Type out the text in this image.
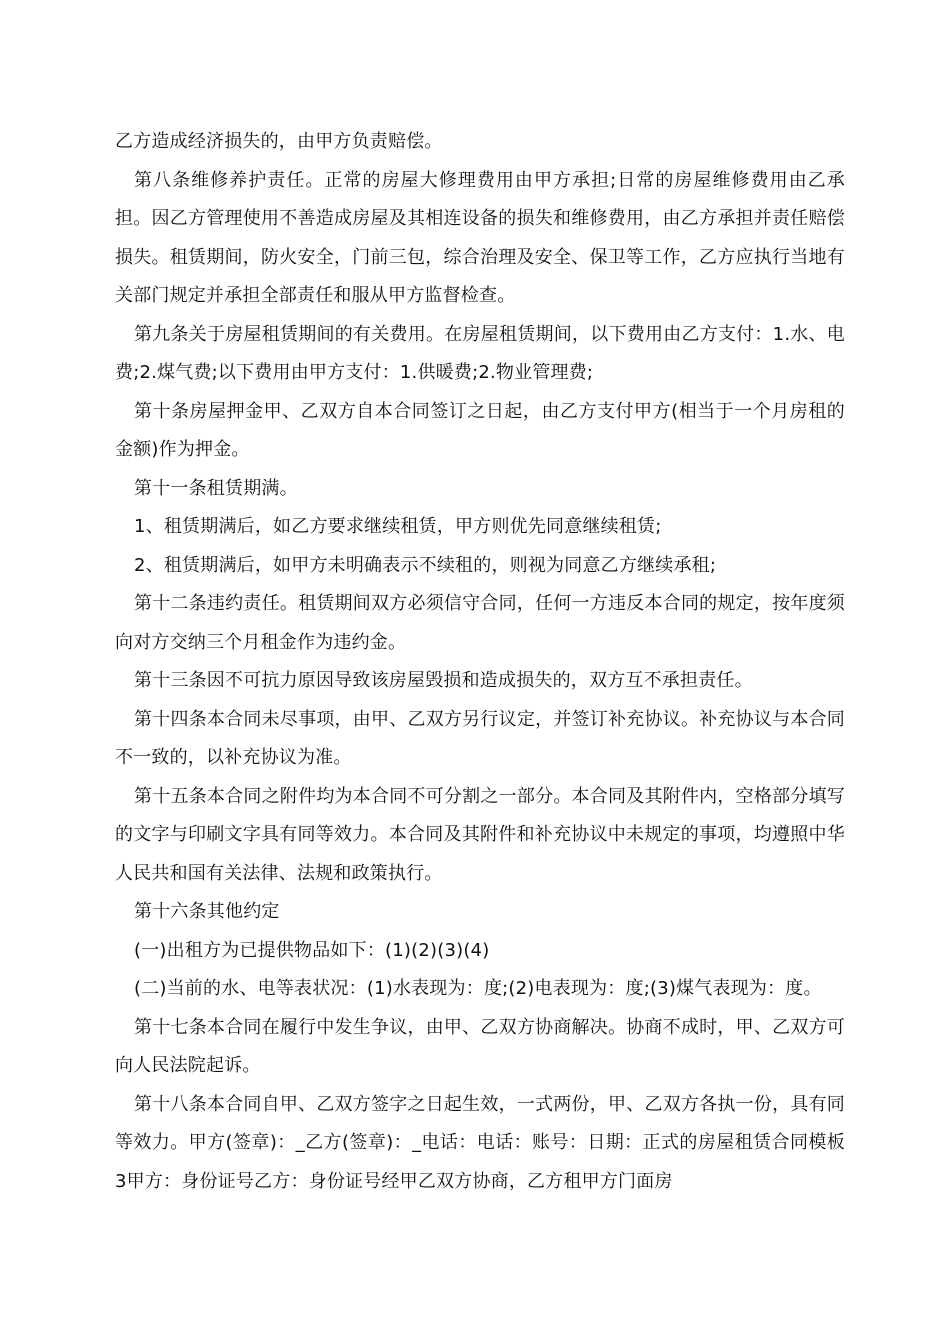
乙方造成经济损失的，由甲方负责赔偿。

第八条维修养护责任。正常的房屋大修理费用由甲方承担;日常的房屋维修费用由乙承担。因乙方管理使用不善造成房屋及其相连设备的损失和维修费用，由乙方承担并责任赔偿损失。租赁期间，防火安全，门前三包，综合治理及安全、保卫等工作，乙方应执行当地有关部门规定并承担全部责任和服从甲方监督检查。

第九条关于房屋租赁期间的有关费用。在房屋租赁期间，以下费用由乙方支付：1.水、电费;2.煤气费;以下费用由甲方支付：1.供暖费;2.物业管理费;

第十条房屋押金甲、乙双方自本合同签订之日起，由乙方支付甲方(相当于一个月房租的金额)作为押金。

第十一条租赁期满。

1、租赁期满后，如乙方要求继续租赁，甲方则优先同意继续租赁;

2、租赁期满后，如甲方未明确表示不续租的，则视为同意乙方继续承租;

第十二条违约责任。租赁期间双方必须信守合同，任何一方违反本合同的规定，按年度须向对方交纳三个月租金作为违约金。

第十三条因不可抗力原因导致该房屋毁损和造成损失的，双方互不承担责任。

第十四条本合同未尽事项，由甲、乙双方另行议定，并签订补充协议。补充协议与本合同不一致的，以补充协议为准。

第十五条本合同之附件均为本合同不可分割之一部分。本合同及其附件内，空格部分填写的文字与印刷文字具有同等效力。本合同及其附件和补充协议中未规定的事项，均遵照中华人民共和国有关法律、法规和政策执行。

第十六条其他约定

(一)出租方为已提供物品如下：(1)(2)(3)(4)

(二)当前的水、电等表状况：(1)水表现为：度;(2)电表现为：度;(3)煤气表现为：度。

第十七条本合同在履行中发生争议，由甲、乙双方协商解决。协商不成时，甲、乙双方可向人民法院起诉。

第十八条本合同自甲、乙双方签字之日起生效，一式两份，甲、乙双方各执一份，具有同等效力。甲方(签章)：_乙方(签章)：_电话：电话：账号：日期：正式的房屋租赁合同模板3甲方：身份证号乙方：身份证号经甲乙双方协商，乙方租甲方门面房
